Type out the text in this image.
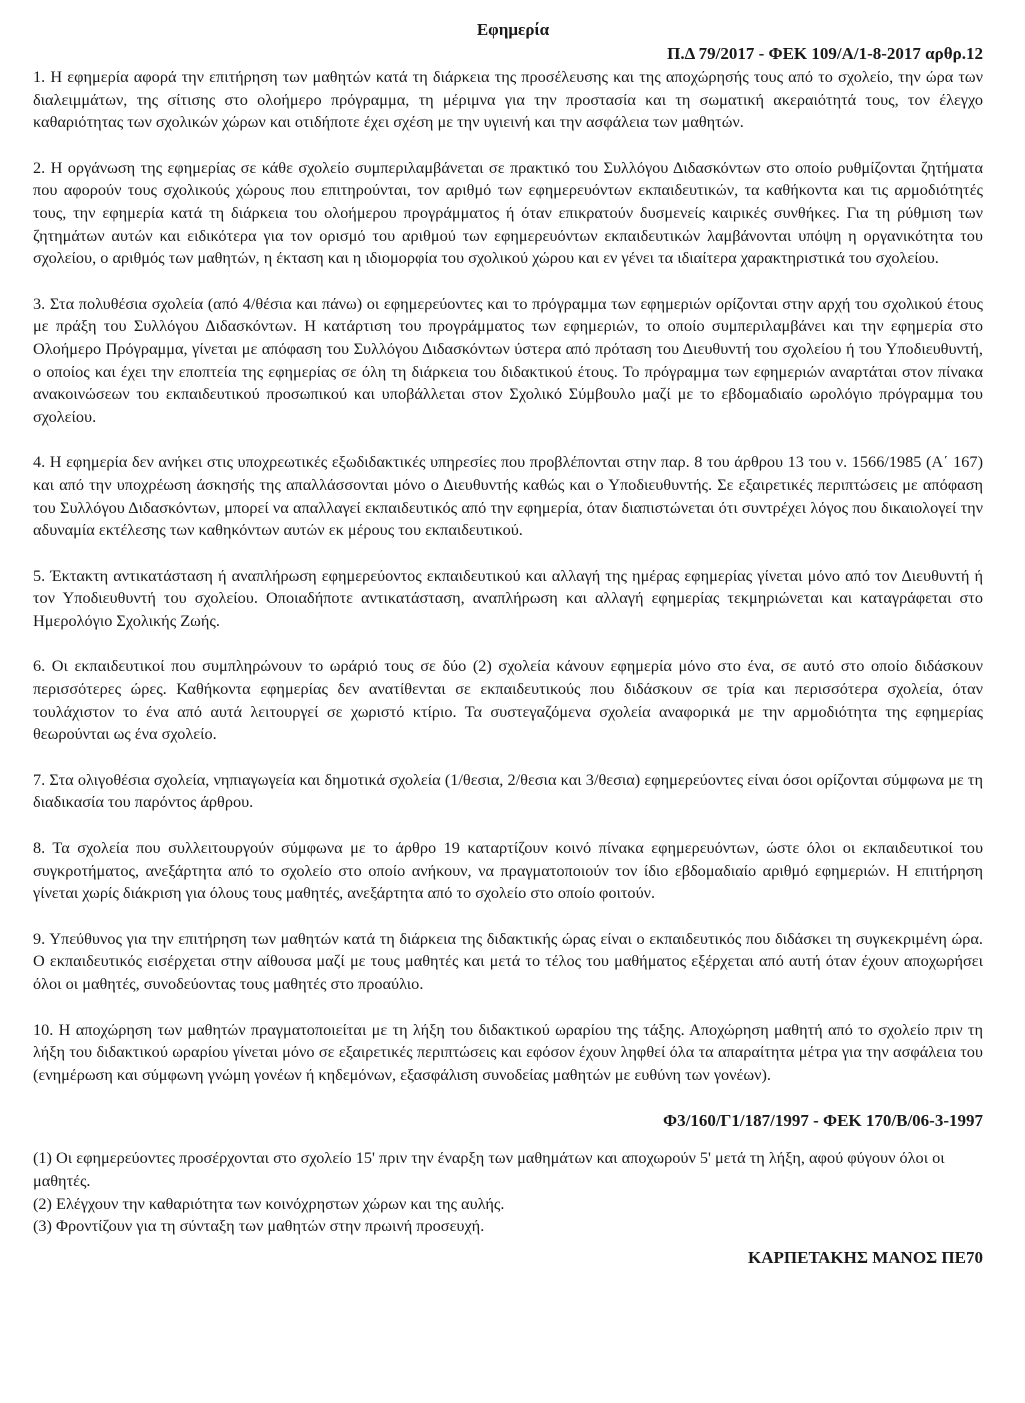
Εφημερία

Π.Δ 79/2017 - ΦΕΚ 109/Α/1-8-2017 αρθρ.12

1. Η εφημερία αφορά την επιτήρηση των μαθητών κατά τη διάρκεια της προσέλευσης και της αποχώρησής τους από το σχολείο, την ώρα των διαλειμμάτων, της σίτισης στο ολοήμερο πρόγραμμα, τη μέριμνα για την προστασία και τη σωματική ακεραιότητά τους, τον έλεγχο καθαριότητας των σχολικών χώρων και οτιδήποτε έχει σχέση με την υγιεινή και την ασφάλεια των μαθητών.

2. Η οργάνωση της εφημερίας σε κάθε σχολείο συμπεριλαμβάνεται σε πρακτικό του Συλλόγου Διδασκόντων στο οποίο ρυθμίζονται ζητήματα που αφορούν τους σχολικούς χώρους που επιτηρούνται, τον αριθμό των εφημερευόντων εκπαιδευτικών, τα καθήκοντα και τις αρμοδιότητές τους, την εφημερία κατά τη διάρκεια του ολοήμερου προγράμματος ή όταν επικρατούν δυσμενείς καιρικές συνθήκες. Για τη ρύθμιση των ζητημάτων αυτών και ειδικότερα για τον ορισμό του αριθμού των εφημερευόντων εκπαιδευτικών λαμβάνονται υπόψη η οργανικότητα του σχολείου, ο αριθμός των μαθητών, η έκταση και η ιδιομορφία του σχολικού χώρου και εν γένει τα ιδιαίτερα χαρακτηριστικά του σχολείου.

3. Στα πολυθέσια σχολεία (από 4/θέσια και πάνω) οι εφημερεύοντες και το πρόγραμμα των εφημεριών ορίζονται στην αρχή του σχολικού έτους με πράξη του Συλλόγου Διδασκόντων. Η κατάρτιση του προγράμματος των εφημεριών, το οποίο συμπεριλαμβάνει και την εφημερία στο Ολοήμερο Πρόγραμμα, γίνεται με απόφαση του Συλλόγου Διδασκόντων ύστερα από πρόταση του Διευθυντή του σχολείου ή του Υποδιευθυντή, ο οποίος και έχει την εποπτεία της εφημερίας σε όλη τη διάρκεια του διδακτικού έτους. Το πρόγραμμα των εφημεριών αναρτάται στον πίνακα ανακοινώσεων του εκπαιδευτικού προσωπικού και υποβάλλεται στον Σχολικό Σύμβουλο μαζί με το εβδομαδιαίο ωρολόγιο πρόγραμμα του σχολείου.

4. Η εφημερία δεν ανήκει στις υποχρεωτικές εξωδιδακτικές υπηρεσίες που προβλέπονται στην παρ. 8 του άρθρου 13 του ν. 1566/1985 (Α΄ 167) και από την υποχρέωση άσκησής της απαλλάσσονται μόνο ο Διευθυντής καθώς και ο Υποδιευθυντής. Σε εξαιρετικές περιπτώσεις με απόφαση του Συλλόγου Διδασκόντων, μπορεί να απαλλαγεί εκπαιδευτικός από την εφημερία, όταν διαπιστώνεται ότι συντρέχει λόγος που δικαιολογεί την αδυναμία εκτέλεσης των καθηκόντων αυτών εκ μέρους του εκπαιδευτικού.

5. Έκτακτη αντικατάσταση ή αναπλήρωση εφημερεύοντος εκπαιδευτικού και αλλαγή της ημέρας εφημερίας γίνεται μόνο από τον Διευθυντή ή τον Υποδιευθυντή του σχολείου. Οποιαδήποτε αντικατάσταση, αναπλήρωση και αλλαγή εφημερίας τεκμηριώνεται και καταγράφεται στο Ημερολόγιο Σχολικής Ζωής.

6. Οι εκπαιδευτικοί που συμπληρώνουν το ωράριό τους σε δύο (2) σχολεία κάνουν εφημερία μόνο στο ένα, σε αυτό στο οποίο διδάσκουν περισσότερες ώρες. Καθήκοντα εφημερίας δεν ανατίθενται σε εκπαιδευτικούς που διδάσκουν σε τρία και περισσότερα σχολεία, όταν τουλάχιστον το ένα από αυτά λειτουργεί σε χωριστό κτίριο. Τα συστεγαζόμενα σχολεία αναφορικά με την αρμοδιότητα της εφημερίας θεωρούνται ως ένα σχολείο.

7. Στα ολιγοθέσια σχολεία, νηπιαγωγεία και δημοτικά σχολεία (1/θεσια, 2/θεσια και 3/θεσια) εφημερεύοντες είναι όσοι ορίζονται σύμφωνα με τη διαδικασία του παρόντος άρθρου.

8. Τα σχολεία που συλλειτουργούν σύμφωνα με το άρθρο 19 καταρτίζουν κοινό πίνακα εφημερευόντων, ώστε όλοι οι εκπαιδευτικοί του συγκροτήματος, ανεξάρτητα από το σχολείο στο οποίο ανήκουν, να πραγματοποιούν τον ίδιο εβδομαδιαίο αριθμό εφημεριών. Η επιτήρηση γίνεται χωρίς διάκριση για όλους τους μαθητές, ανεξάρτητα από το σχολείο στο οποίο φοιτούν.

9. Υπεύθυνος για την επιτήρηση των μαθητών κατά τη διάρκεια της διδακτικής ώρας είναι ο εκπαιδευτικός που διδάσκει τη συγκεκριμένη ώρα. Ο εκπαιδευτικός εισέρχεται στην αίθουσα μαζί με τους μαθητές και μετά το τέλος του μαθήματος εξέρχεται από αυτή όταν έχουν αποχωρήσει όλοι οι μαθητές, συνοδεύοντας τους μαθητές στο προαύλιο.

10. Η αποχώρηση των μαθητών πραγματοποιείται με τη λήξη του διδακτικού ωραρίου της τάξης. Αποχώρηση μαθητή από το σχολείο πριν τη λήξη του διδακτικού ωραρίου γίνεται μόνο σε εξαιρετικές περιπτώσεις και εφόσον έχουν ληφθεί όλα τα απαραίτητα μέτρα για την ασφάλεια του (ενημέρωση και σύμφωνη γνώμη γονέων ή κηδεμόνων, εξασφάλιση συνοδείας μαθητών με ευθύνη των γονέων).

Φ3/160/Γ1/187/1997 - ΦΕΚ 170/Β/06-3-1997

(1) Οι εφημερεύοντες προσέρχονται στο σχολείο 15' πριν την έναρξη των μαθημάτων και αποχωρούν 5' μετά τη λήξη, αφού φύγουν όλοι οι μαθητές.

(2) Ελέγχουν την καθαριότητα των κοινόχρηστων χώρων και της αυλής.

(3) Φροντίζουν για τη σύνταξη των μαθητών στην πρωινή προσευχή.

ΚΑΡΠΕΤΑΚΗΣ ΜΑΝΟΣ ΠΕ70
